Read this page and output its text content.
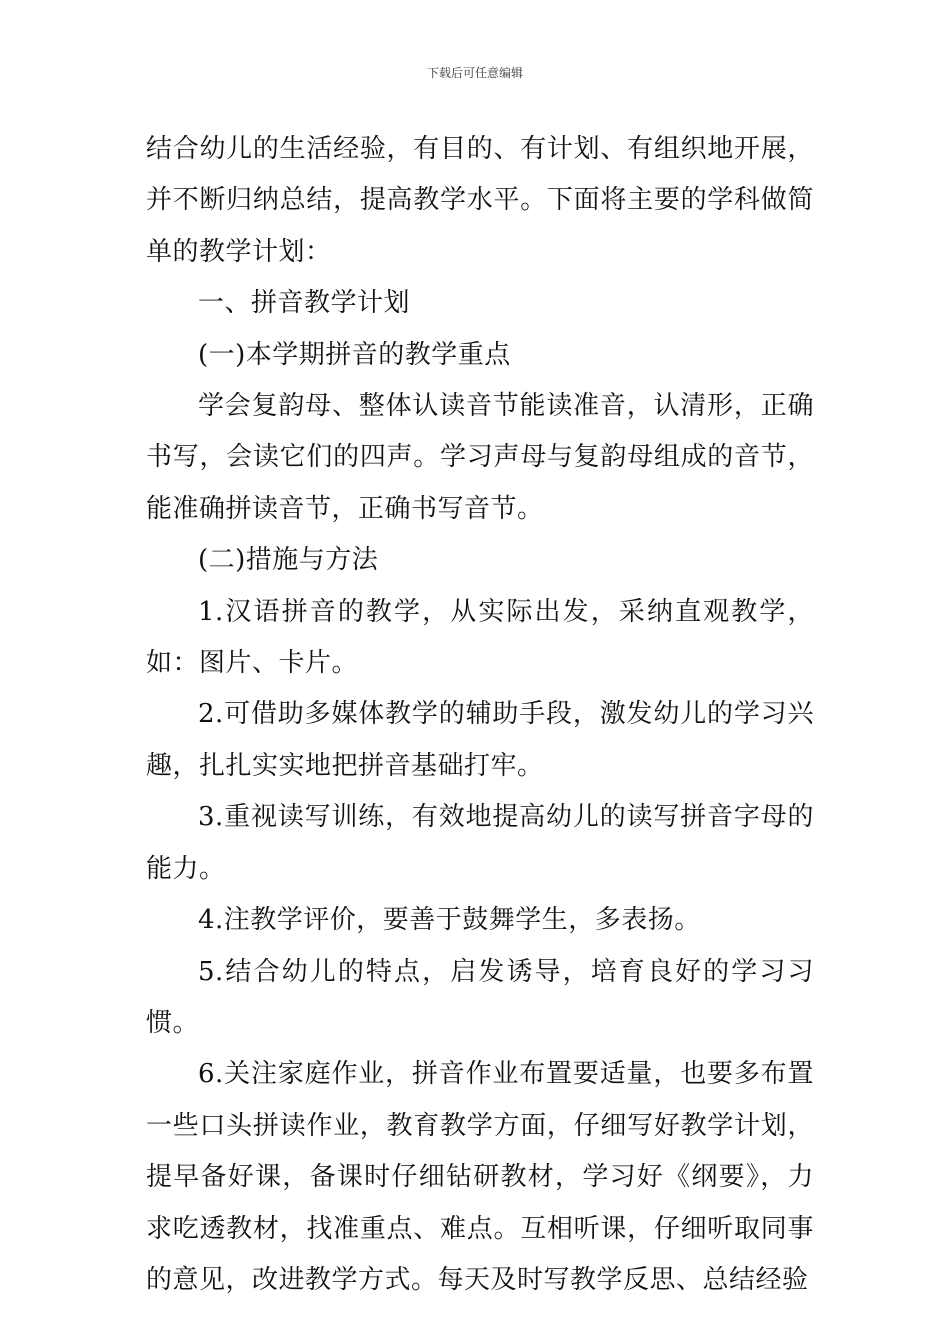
下载后可任意编辑

结合幼儿的生活经验，有目的、有计划、有组织地开展，并不断归纳总结，提高教学水平。下面将主要的学科做简单的教学计划：

一、拼音教学计划

(一)本学期拼音的教学重点

学会复韵母、整体认读音节能读准音，认清形，正确书写，会读它们的四声。学习声母与复韵母组成的音节，能准确拼读音节，正确书写音节。

(二)措施与方法

1.汉语拼音的教学，从实际出发，采纳直观教学，如：图片、卡片。

2.可借助多媒体教学的辅助手段，激发幼儿的学习兴趣，扎扎实实地把拼音基础打牢。

3.重视读写训练，有效地提高幼儿的读写拼音字母的能力。

4.注教学评价，要善于鼓舞学生，多表扬。

5.结合幼儿的特点，启发诱导，培育良好的学习习惯。

6.关注家庭作业，拼音作业布置要适量，也要多布置一些口头拼读作业，教育教学方面，仔细写好教学计划，提早备好课，备课时仔细钻研教材，学习好《纲要》，力求吃透教材，找准重点、难点。互相听课，仔细听取同事的意见，改进教学方式。每天及时写教学反思、总结经验
